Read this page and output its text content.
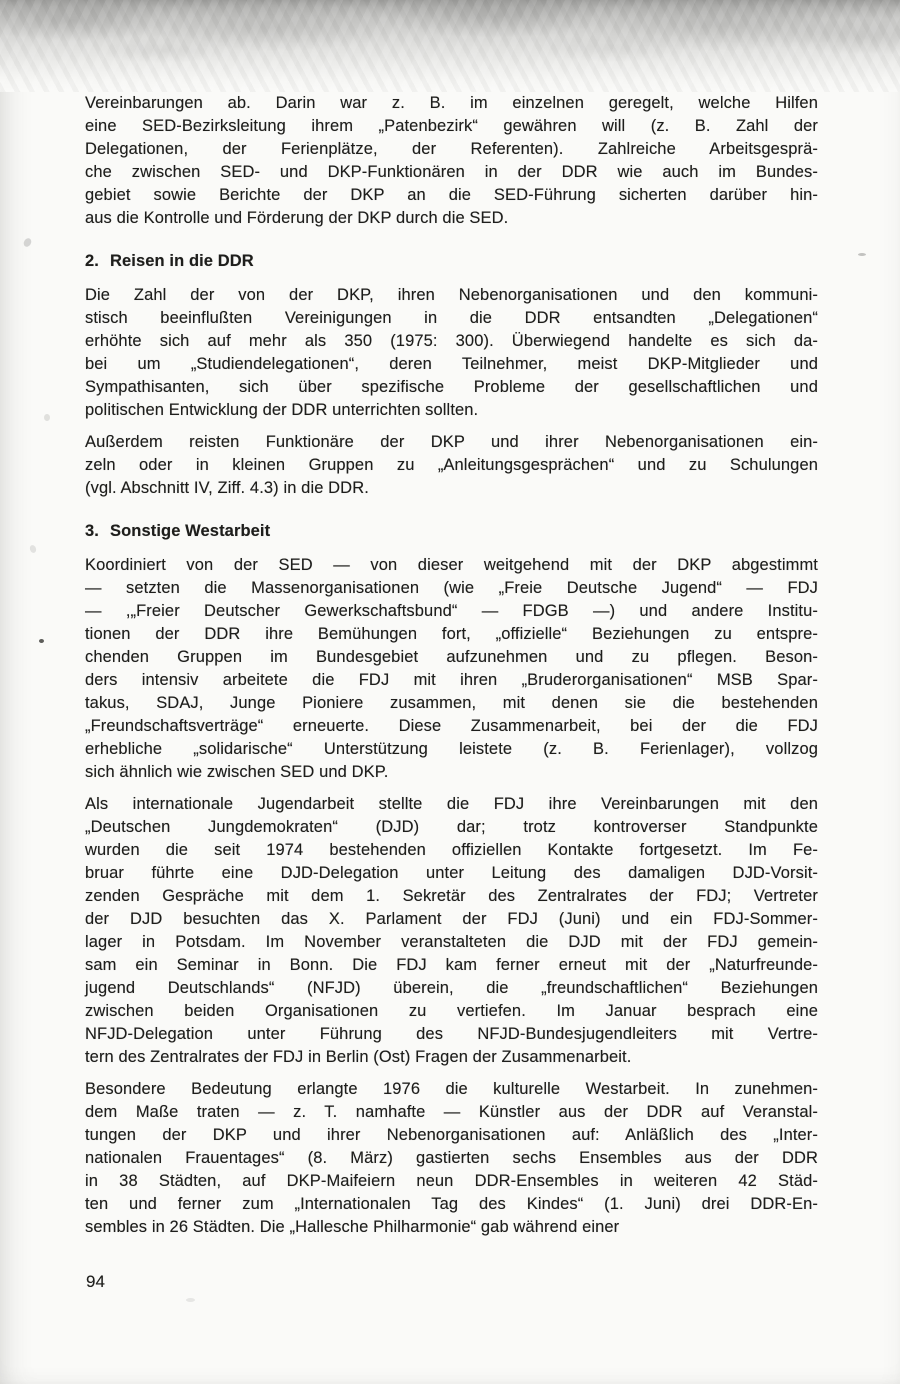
Vereinbarungen ab. Darin war z. B. im einzelnen geregelt, welche Hilfen
eine SED-Bezirksleitung ihrem „Patenbezirk“ gewähren will (z. B. Zahl der
Delegationen, der Ferienplätze, der Referenten). Zahlreiche Arbeitsgesprä-
che zwischen SED- und DKP-Funktionären in der DDR wie auch im Bundes-
gebiet sowie Berichte der DKP an die SED-Führung sicherten darüber hin-
aus die Kontrolle und Förderung der DKP durch die SED.
2. Reisen in die DDR
Die Zahl der von der DKP, ihren Nebenorganisationen und den kommuni-
stisch beeinflußten Vereinigungen in die DDR entsandten „Delegationen“
erhöhte sich auf mehr als 350 (1975: 300). Überwiegend handelte es sich da-
bei um „Studiendelegationen“, deren Teilnehmer, meist DKP-Mitglieder und
Sympathisanten, sich über spezifische Probleme der gesellschaftlichen und
politischen Entwicklung der DDR unterrichten sollten.
Außerdem reisten Funktionäre der DKP und ihrer Nebenorganisationen ein-
zeln oder in kleinen Gruppen zu „Anleitungsgesprächen“ und zu Schulungen
(vgl. Abschnitt IV, Ziff. 4.3) in die DDR.
3. Sonstige Westarbeit
Koordiniert von der SED — von dieser weitgehend mit der DKP abgestimmt
— setzten die Massenorganisationen (wie „Freie Deutsche Jugend“ — FDJ
— ,„Freier Deutscher Gewerkschaftsbund“ — FDGB —) und andere Institu-
tionen der DDR ihre Bemühungen fort, „offizielle“ Beziehungen zu entspre-
chenden Gruppen im Bundesgebiet aufzunehmen und zu pflegen. Beson-
ders intensiv arbeitete die FDJ mit ihren „Bruderorganisationen“ MSB Spar-
takus, SDAJ, Junge Pioniere zusammen, mit denen sie die bestehenden
„Freundschaftsverträge“ erneuerte. Diese Zusammenarbeit, bei der die FDJ
erhebliche „solidarische“ Unterstützung leistete (z. B. Ferienlager), vollzog
sich ähnlich wie zwischen SED und DKP.
Als internationale Jugendarbeit stellte die FDJ ihre Vereinbarungen mit den
„Deutschen Jungdemokraten“ (DJD) dar; trotz kontroverser Standpunkte
wurden die seit 1974 bestehenden offiziellen Kontakte fortgesetzt. Im Fe-
bruar führte eine DJD-Delegation unter Leitung des damaligen DJD-Vorsit-
zenden Gespräche mit dem 1. Sekretär des Zentralrates der FDJ; Vertreter
der DJD besuchten das X. Parlament der FDJ (Juni) und ein FDJ-Sommer-
lager in Potsdam. Im November veranstalteten die DJD mit der FDJ gemein-
sam ein Seminar in Bonn. Die FDJ kam ferner erneut mit der „Naturfreunde-
jugend Deutschlands“ (NFJD) überein, die „freundschaftlichen“ Beziehungen
zwischen beiden Organisationen zu vertiefen. Im Januar besprach eine
NFJD-Delegation unter Führung des NFJD-Bundesjugendleiters mit Vertre-
tern des Zentralrates der FDJ in Berlin (Ost) Fragen der Zusammenarbeit.
Besondere Bedeutung erlangte 1976 die kulturelle Westarbeit. In zunehmen-
dem Maße traten — z. T. namhafte — Künstler aus der DDR auf Veranstal-
tungen der DKP und ihrer Nebenorganisationen auf: Anläßlich des „Inter-
nationalen Frauentages“ (8. März) gastierten sechs Ensembles aus der DDR
in 38 Städten, auf DKP-Maifeiern neun DDR-Ensembles in weiteren 42 Städ-
ten und ferner zum „Internationalen Tag des Kindes“ (1. Juni) drei DDR-En-
sembles in 26 Städten. Die „Hallesche Philharmonie“ gab während einer
94
